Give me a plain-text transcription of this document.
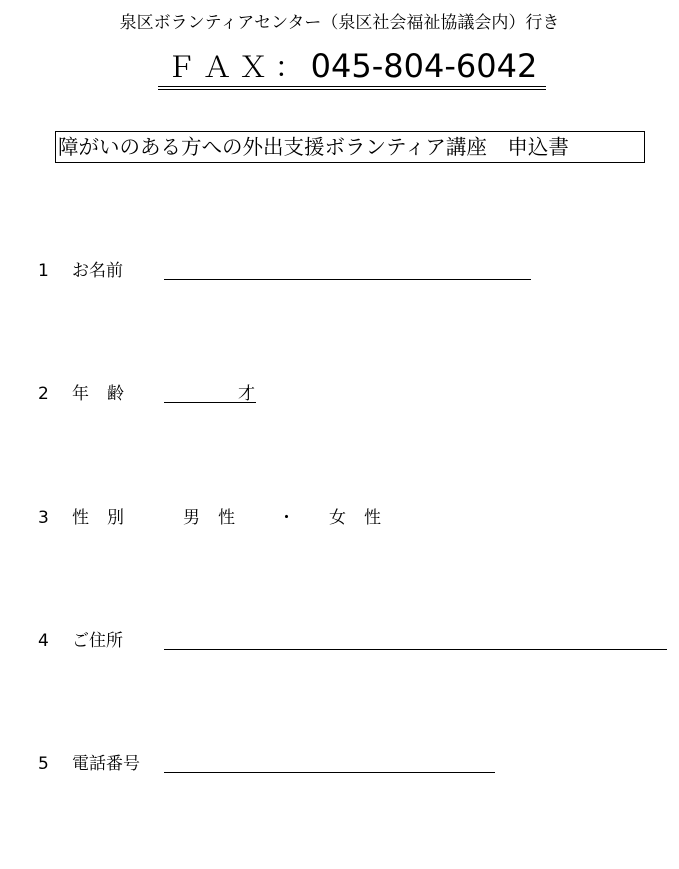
泉区ボランティアセンター（泉区社会福祉協議会内）行き
ＦＡＸ：045-804-6042
障がいのある方への外出支援ボランティア講座　申込書
1 お名前
2 年齢	才
3 性別 男性 ・ 女性
4 ご住所
5 電話番号
